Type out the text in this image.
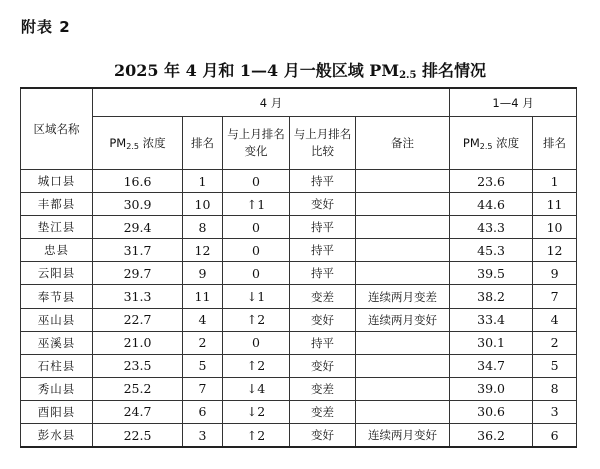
附表 2
2025 年 4 月和 1—4 月一般区域 $PM_{2.5}$ 排名情况
区域名称	4 月					1—4 月	
	$PM_{2.5}$ 浓度	排名	与上月排名变化	与上月排名比较	备注	$PM_{2.5}$ 浓度	排名
城口县	16.6	1	0	持平		23.6	1
丰都县	30.9	10	↑1	变好		44.6	11
垫江县	29.4	8	0	持平		43.3	10
忠县	31.7	12	0	持平		45.3	12
云阳县	29.7	9	0	持平		39.5	9
奉节县	31.3	11	↓1	变差	连续两月变差	38.2	7
巫山县	22.7	4	↑2	变好	连续两月变好	33.4	4
巫溪县	21.0	2	0	持平		30.1	2
石柱县	23.5	5	↑2	变好		34.7	5
秀山县	25.2	7	↓4	变差		39.0	8
酉阳县	24.7	6	↓2	变差		30.6	3
彭水县	22.5	3	↑2	变好	连续两月变好	36.2	6
